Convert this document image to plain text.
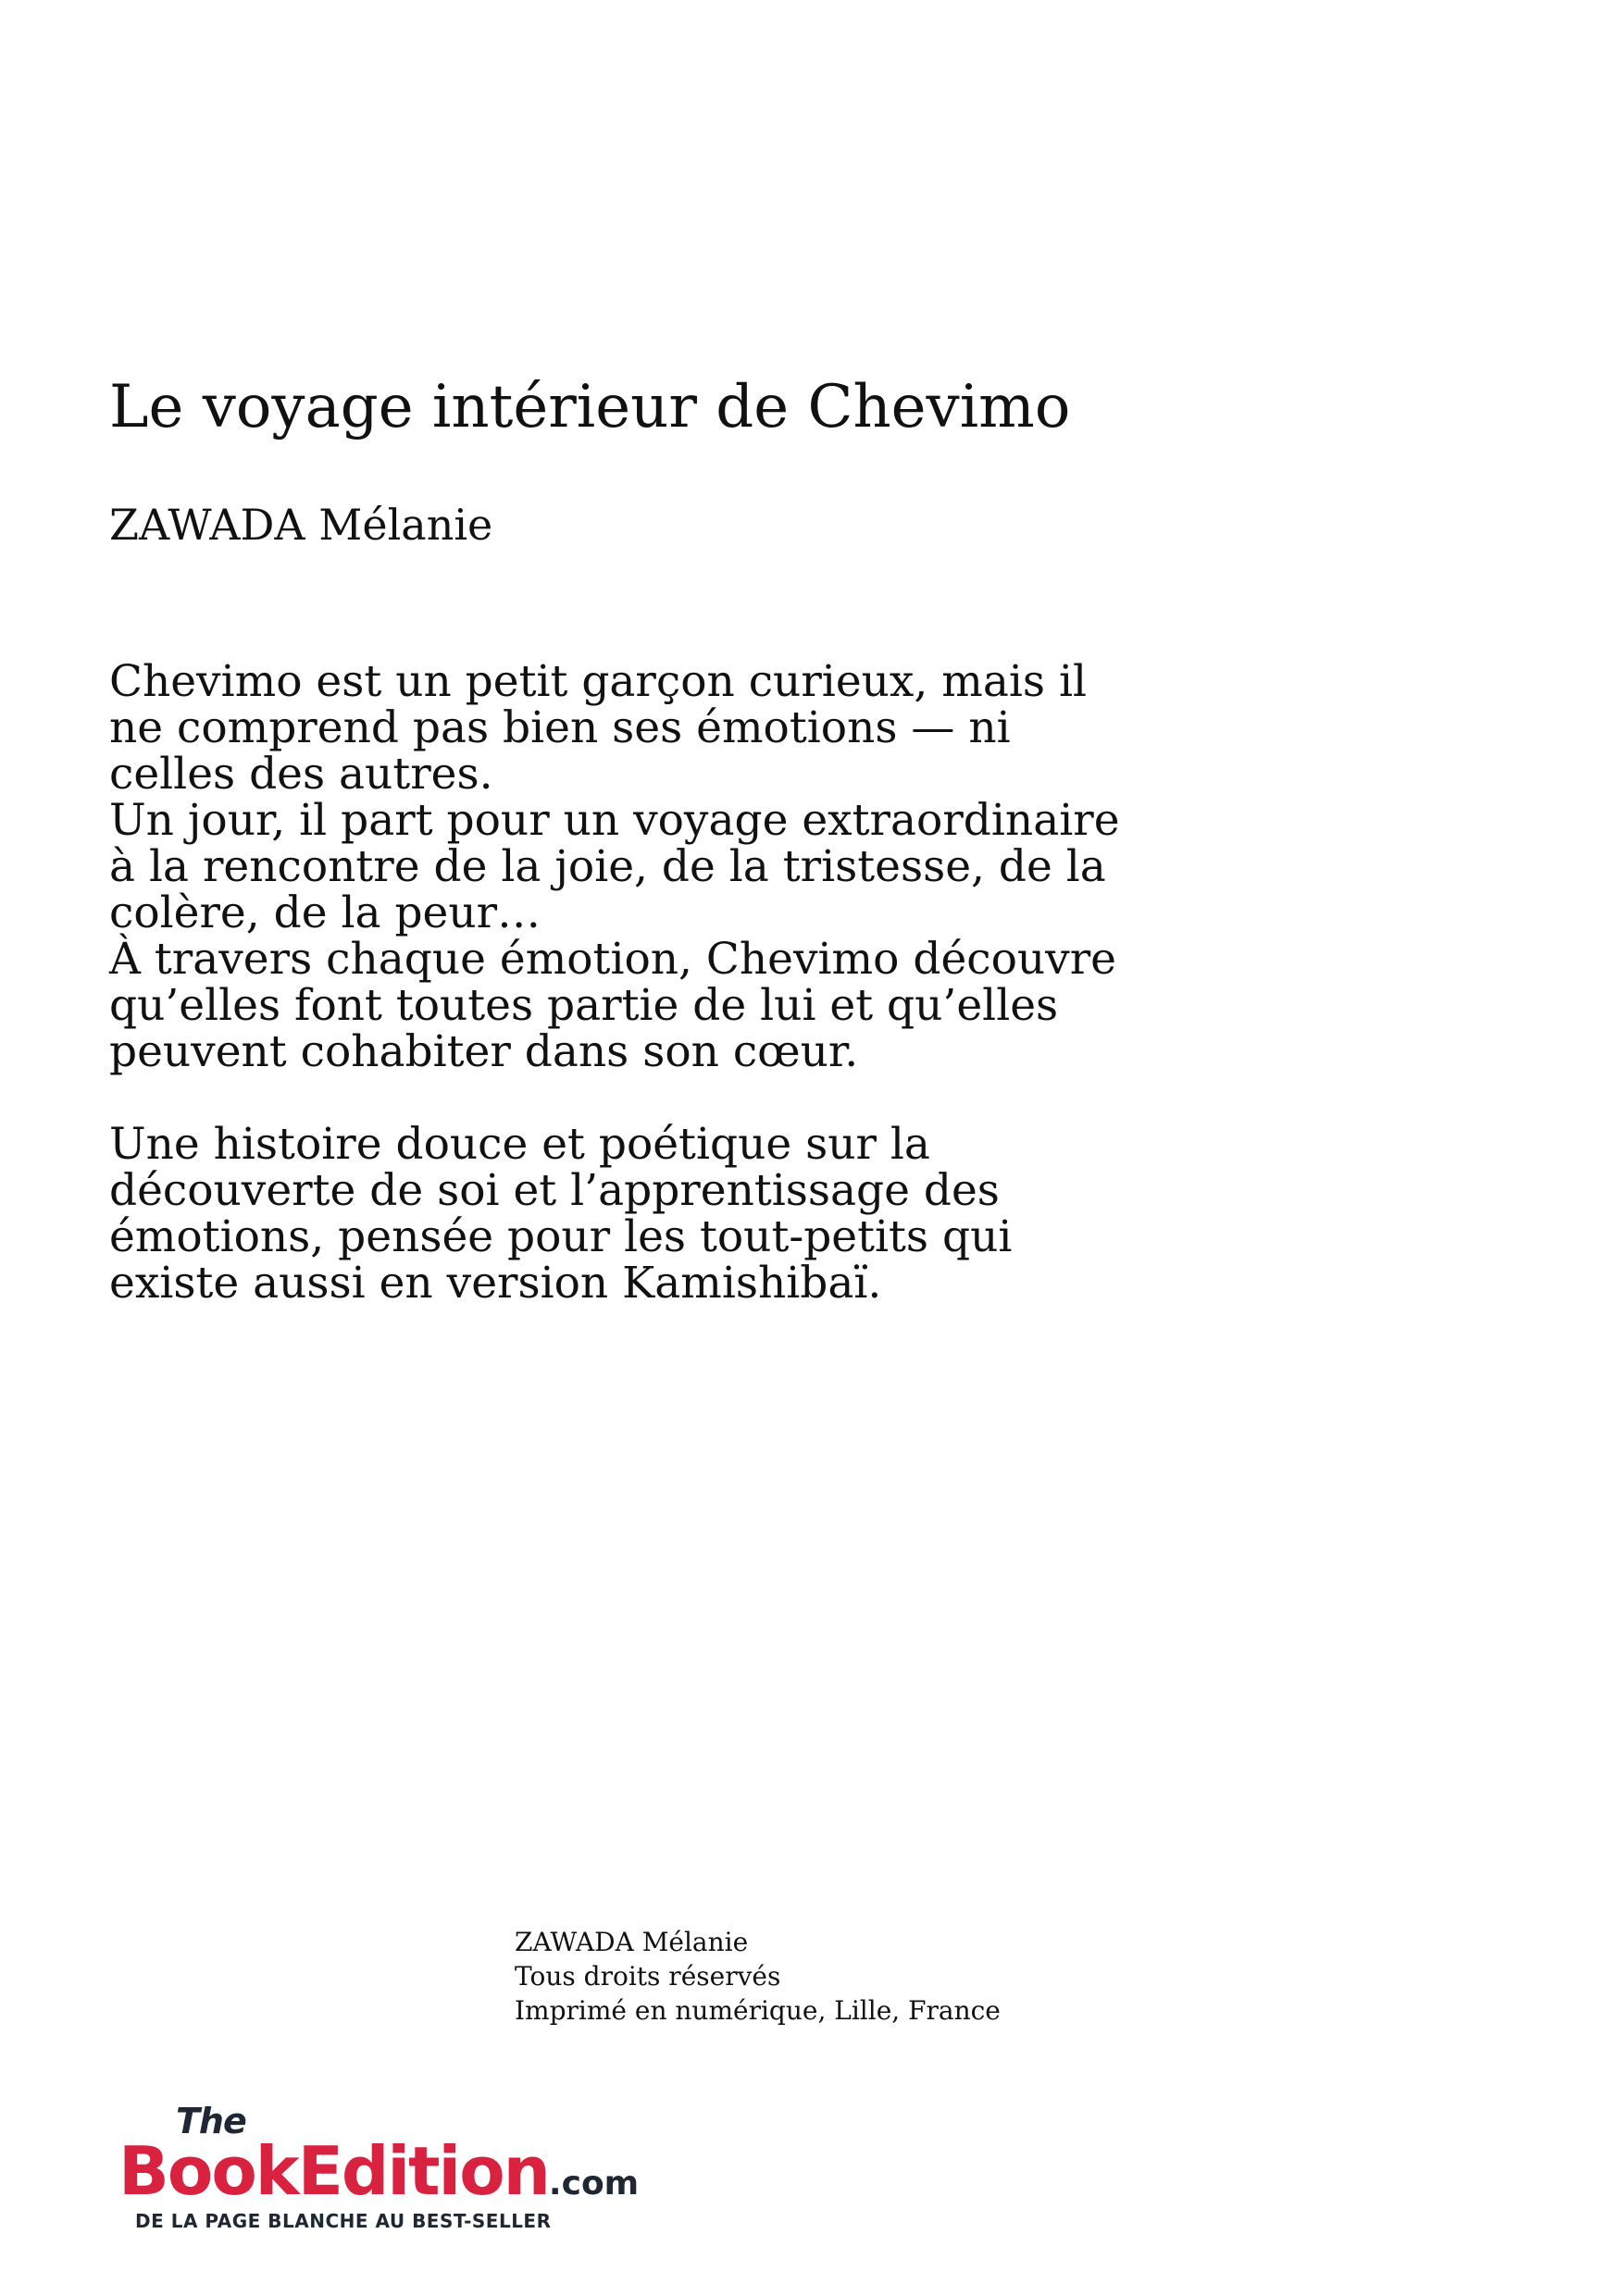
Le voyage intérieur de Chevimo

ZAWADA Mélanie

Chevimo est un petit garçon curieux, mais il
ne comprend pas bien ses émotions — ni
celles des autres.
Un jour, il part pour un voyage extraordinaire
à la rencontre de la joie, de la tristesse, de la
colère, de la peur…
À travers chaque émotion, Chevimo découvre
qu’elles font toutes partie de lui et qu’elles
peuvent cohabiter dans son cœur.
Une histoire douce et poétique sur la
découverte de soi et l’apprentissage des
émotions, pensée pour les tout-petits qui
existe aussi en version Kamishibaï.
ZAWADA Mélanie
Tous droits réservés
Imprimé en numérique, Lille, France
The
BookEdition.com
DE LA PAGE BLANCHE AU BEST-SELLER
